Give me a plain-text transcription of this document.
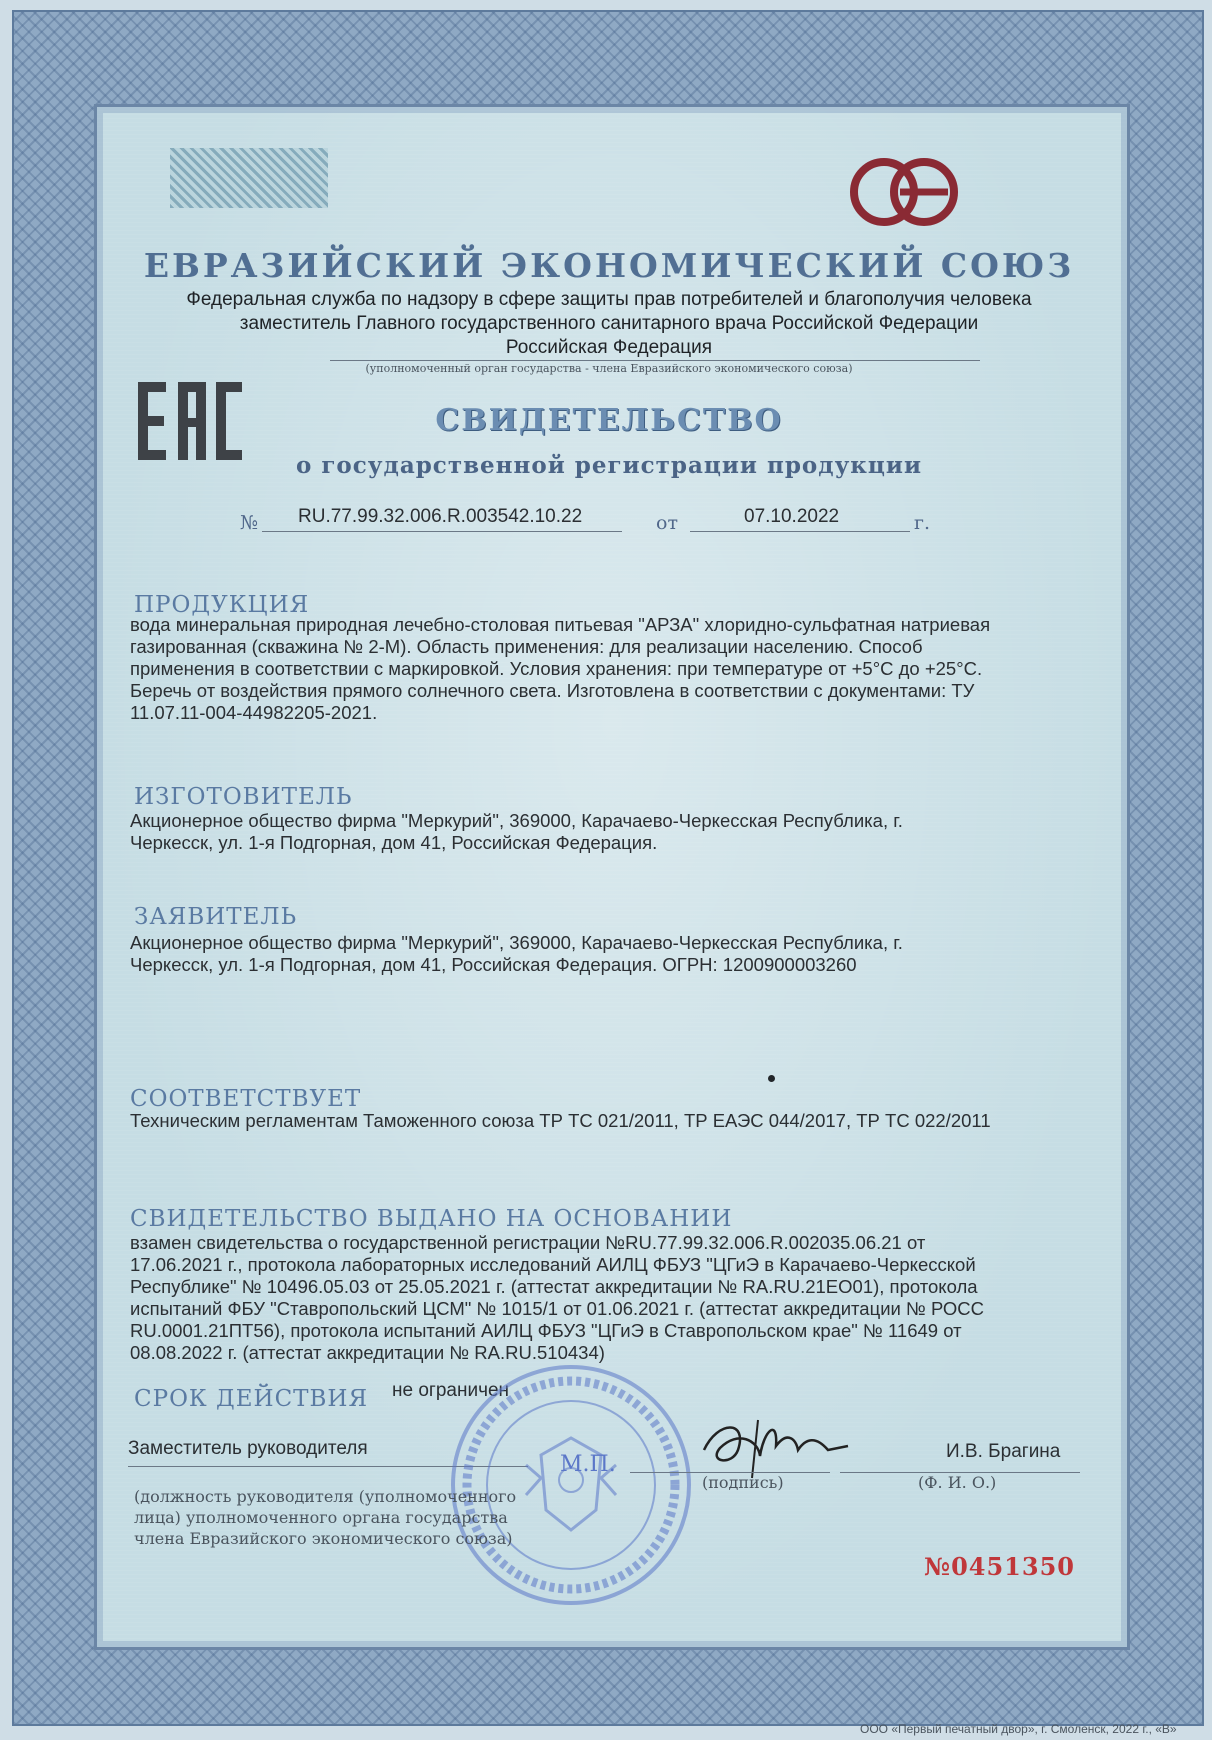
ЕВРАЗИЙСКИЙ ЭКОНОМИЧЕСКИЙ СОЮЗ
Федеральная служба по надзору в сфере защиты прав потребителей и благополучия человека
заместитель Главного государственного санитарного врача Российской Федерации
Российская Федерация
(уполномоченный орган государства - члена Евразийского экономического союза)
СВИДЕТЕЛЬСТВО
о государственной регистрации продукции
№ RU.77.99.32.006.R.003542.10.22	от	07.10.2022	г.
ПРОДУКЦИЯ
вода минеральная природная лечебно-столовая питьевая "АРЗА" хлоридно-сульфатная натриевая
газированная (скважина № 2-М). Область применения: для реализации населению. Способ
применения в соответствии с маркировкой. Условия хранения: при температуре от +5°С до +25°С.
Беречь от воздействия прямого солнечного света. Изготовлена в соответствии с документами: ТУ
11.07.11-004-44982205-2021.
ИЗГОТОВИТЕЛЬ
Акционерное общество фирма "Меркурий", 369000, Карачаево-Черкесская Республика, г.
Черкесск, ул. 1-я Подгорная, дом 41, Российская Федерация.
ЗАЯВИТЕЛЬ
Акционерное общество фирма "Меркурий", 369000, Карачаево-Черкесская Республика, г.
Черкесск, ул. 1-я Подгорная, дом 41, Российская Федерация. ОГРН: 1200900003260
СООТВЕТСТВУЕТ
Техническим регламентам Таможенного союза ТР ТС 021/2011, ТР ЕАЭС 044/2017, ТР ТС 022/2011
СВИДЕТЕЛЬСТВО ВЫДАНО НА ОСНОВАНИИ
взамен свидетельства о государственной регистрации №RU.77.99.32.006.R.002035.06.21 от
17.06.2021 г., протокола лабораторных исследований АИЛЦ ФБУЗ "ЦГиЭ в Карачаево-Черкесской
Республике" № 10496.05.03 от 25.05.2021 г. (аттестат аккредитации № RA.RU.21ЕО01), протокола
испытаний ФБУ "Ставропольский ЦСМ" № 1015/1 от 01.06.2021 г. (аттестат аккредитации № РОСС
RU.0001.21ПТ56), протокола испытаний АИЛЦ ФБУЗ "ЦГиЭ в Ставропольском крае" № 11649 от
08.08.2022 г. (аттестат аккредитации № RA.RU.510434)
СРОК ДЕЙСТВИЯ не ограничен
Заместитель руководителя
М.П.
(подпись)
И.В. Брагина
(Ф. И. О.)
(должность руководителя (уполномоченного
лица) уполномоченного органа государства
члена Евразийского экономического союза)
№0451350
ООО «Первый печатный двор», г. Смоленск, 2022 г., «В»
